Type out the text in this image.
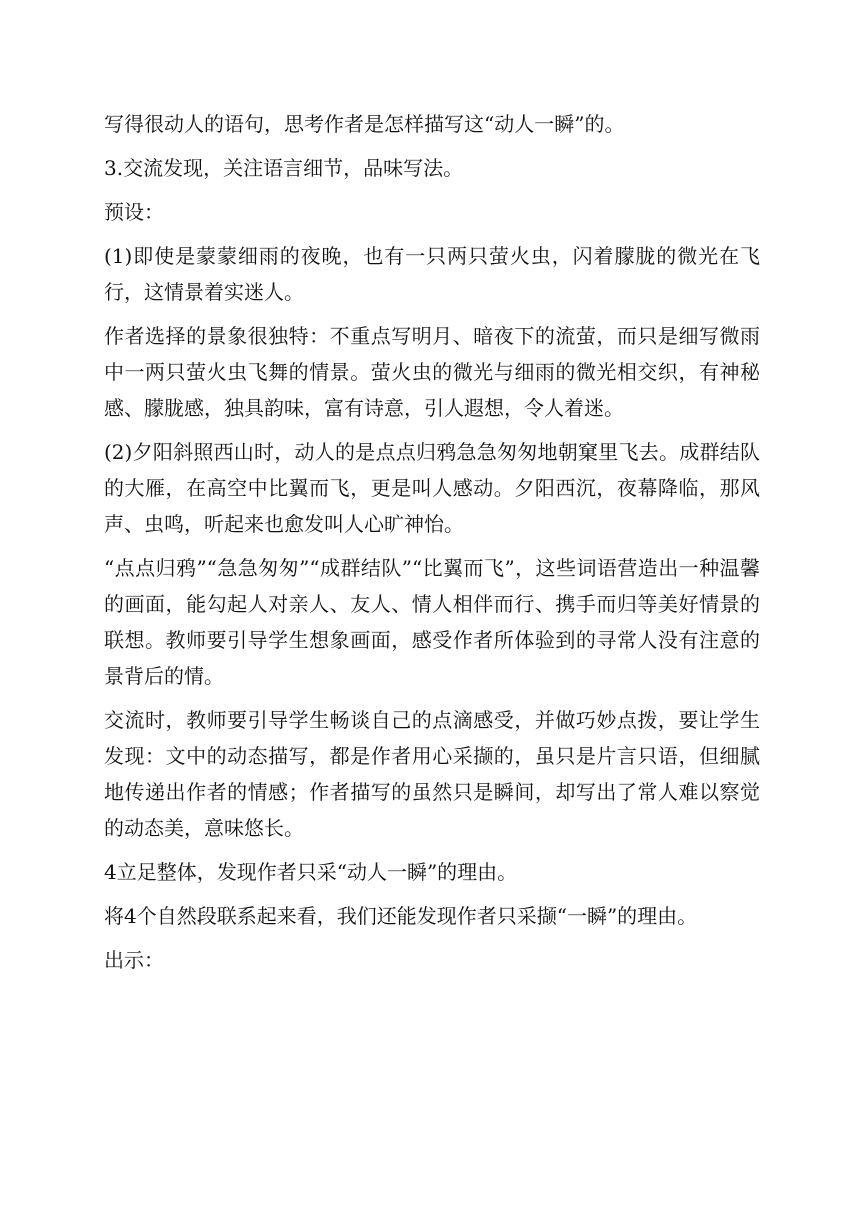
写得很动人的语句，思考作者是怎样描写这“动人一瞬”的。

3.交流发现，关注语言细节，品味写法。

预设：

(1)即使是蒙蒙细雨的夜晚，也有一只两只萤火虫，闪着朦胧的微光在飞行，这情景着实迷人。

作者选择的景象很独特：不重点写明月、暗夜下的流萤，而只是细写微雨中一两只萤火虫飞舞的情景。萤火虫的微光与细雨的微光相交织，有神秘感、朦胧感，独具韵味，富有诗意，引人遐想，令人着迷。

(2)夕阳斜照西山时，动人的是点点归鸦急急匆匆地朝窠里飞去。成群结队的大雁，在高空中比翼而飞，更是叫人感动。夕阳西沉，夜幕降临，那风声、虫鸣，听起来也愈发叫人心旷神怡。

“点点归鸦”“急急匆匆”“成群结队”“比翼而飞”，这些词语营造出一种温馨的画面，能勾起人对亲人、友人、情人相伴而行、携手而归等美好情景的联想。教师要引导学生想象画面，感受作者所体验到的寻常人没有注意的景背后的情。

交流时，教师要引导学生畅谈自己的点滴感受，并做巧妙点拨，要让学生发现：文中的动态描写，都是作者用心采撷的，虽只是片言只语，但细腻地传递出作者的情感；作者描写的虽然只是瞬间，却写出了常人难以察觉的动态美，意味悠长。

4立足整体，发现作者只采“动人一瞬”的理由。

将4个自然段联系起来看，我们还能发现作者只采撷“一瞬”的理由。

出示：
